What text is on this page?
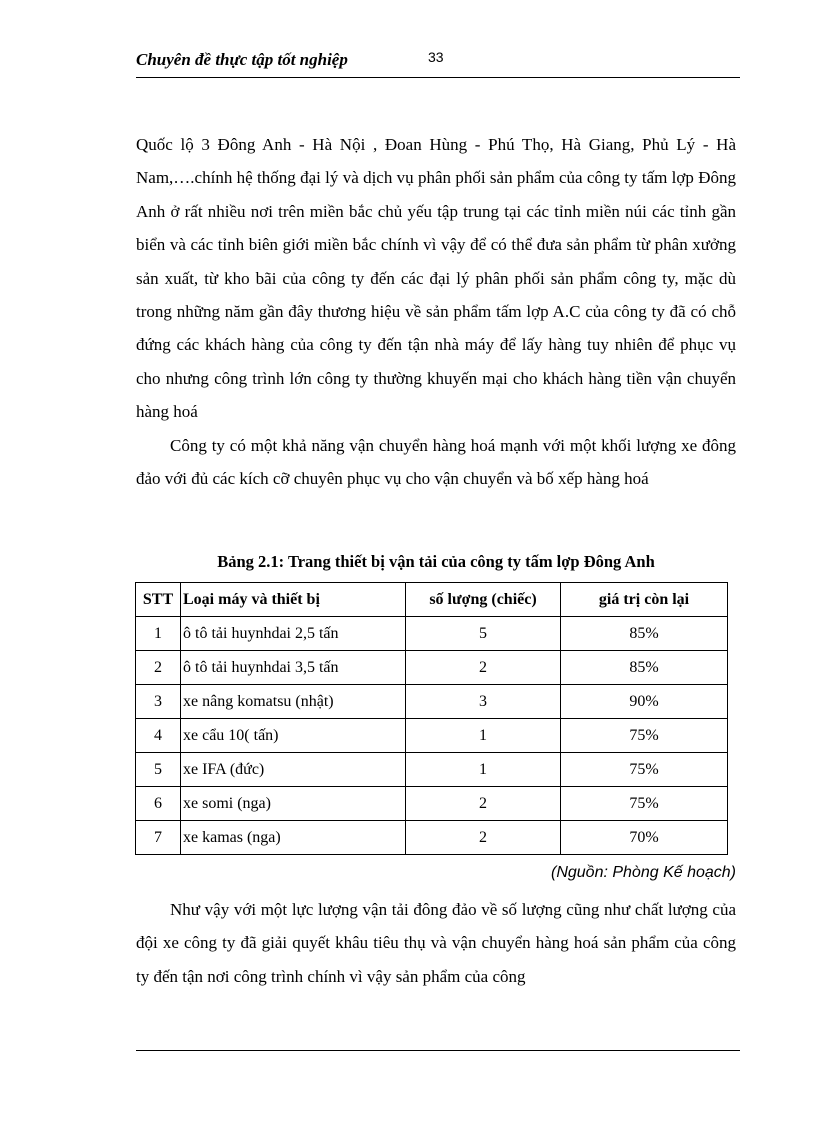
Chuyên đề thực tập tốt nghiệp	33

Quốc lộ 3 Đông Anh - Hà Nội , Đoan Hùng - Phú Thọ, Hà Giang, Phủ Lý - Hà Nam,….chính hệ thống đại lý và dịch vụ phân phối sản phẩm của công ty tấm lợp Đông Anh ở rất nhiều nơi trên miền bắc chủ yếu tập trung tại các tỉnh miền núi các tỉnh gần biển và các tỉnh biên giới miền bắc chính vì vậy để có thể đưa sản phẩm từ phân xưởng sản xuất, từ kho bãi của công ty đến các đại lý phân phối sản phẩm công ty, mặc dù trong những năm gần đây thương hiệu về sản phẩm tấm lợp A.C của công ty đã có chỗ đứng các khách hàng của công ty đến tận nhà máy để lấy hàng tuy nhiên để phục vụ cho nhưng công trình lớn công ty thường khuyến mại cho khách hàng tiền vận chuyển hàng hoá

Công ty có một khả năng vận chuyển hàng hoá mạnh với một khối lượng xe đông đảo với đủ các kích cỡ chuyên phục vụ cho vận chuyển và bố xếp hàng hoá

Bảng 2.1: Trang thiết bị vận tải của công ty tấm lợp Đông Anh
STT	Loại máy và thiết bị	số lượng (chiếc)	giá trị còn lại
1	ô tô tải huynhdai 2,5 tấn	5	85%
2	ô tô tải huynhdai 3,5 tấn	2	85%
3	xe nâng komatsu (nhật)	3	90%
4	xe cẩu 10( tấn)	1	75%
5	xe IFA (đức)	1	75%
6	xe somi (nga)	2	75%
7	xe kamas (nga)	2	70%
(Nguồn: Phòng Kế hoạch)

Như vậy với một lực lượng vận tải đông đảo về số lượng cũng như chất lượng của đội xe công ty đã giải quyết khâu tiêu thụ và vận chuyển hàng hoá sản phẩm của công ty đến tận nơi công trình chính vì vậy sản phẩm của công
